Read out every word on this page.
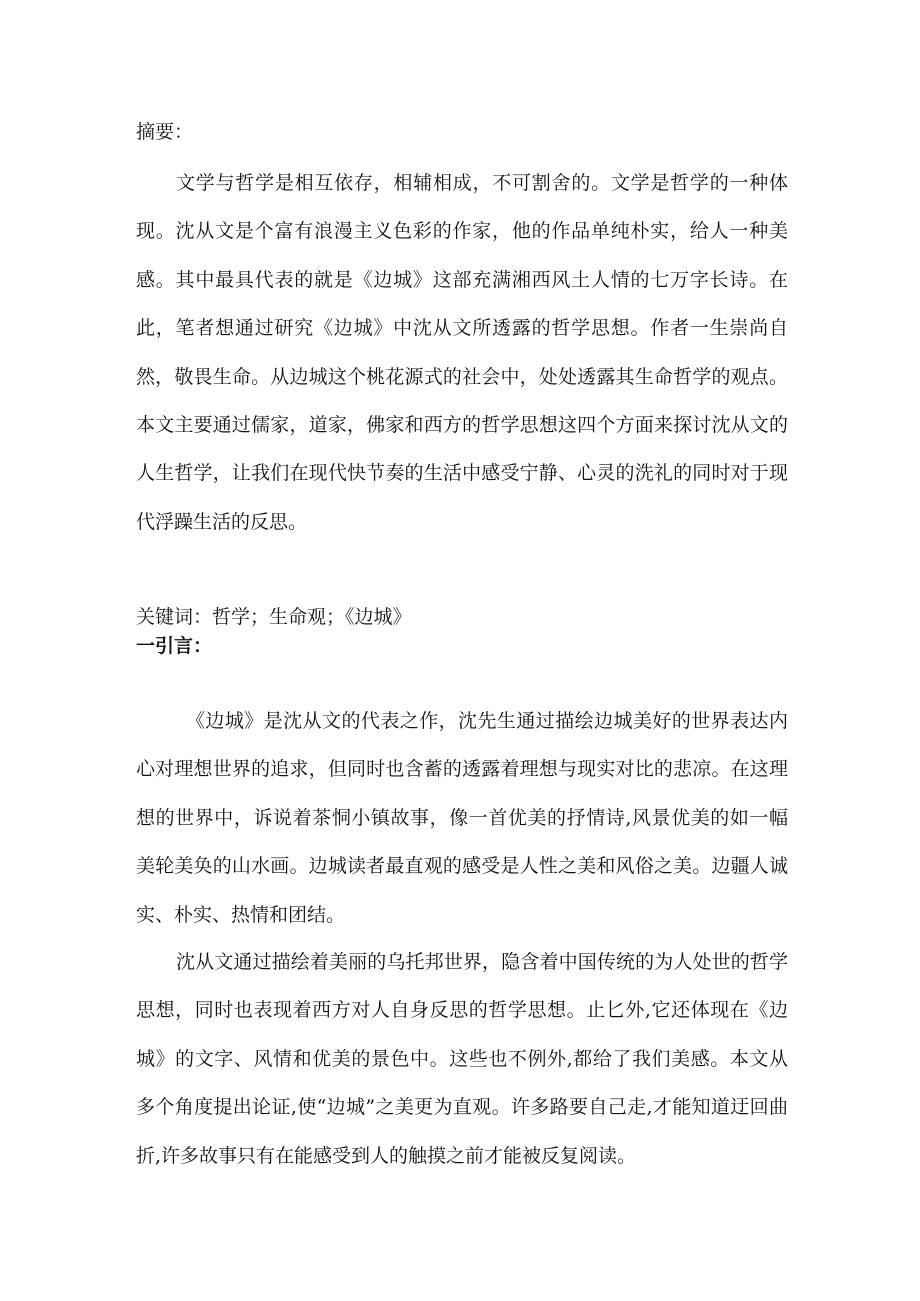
摘要：

文学与哲学是相互依存，相辅相成，不可割舍的。文学是哲学的一种体现。沈从文是个富有浪漫主义色彩的作家，他的作品单纯朴实，给人一种美感。其中最具代表的就是《边城》这部充满湘西风土人情的七万字长诗。在此，笔者想通过研究《边城》中沈从文所透露的哲学思想。作者一生崇尚自然，敬畏生命。从边城这个桃花源式的社会中，处处透露其生命哲学的观点。本文主要通过儒家，道家，佛家和西方的哲学思想这四个方面来探讨沈从文的人生哲学，让我们在现代快节奏的生活中感受宁静、心灵的洗礼的同时对于现代浮躁生活的反思。

关键词：哲学；生命观；《边城》
一引言：

《边城》是沈从文的代表之作，沈先生通过描绘边城美好的世界表达内心对理想世界的追求，但同时也含蓄的透露着理想与现实对比的悲凉。在这理想的世界中，诉说着茶恫小镇故事，像一首优美的抒情诗,风景优美的如一幅美轮美奂的山水画。边城读者最直观的感受是人性之美和风俗之美。边疆人诚实、朴实、热情和团结。

沈从文通过描绘着美丽的乌托邦世界，隐含着中国传统的为人处世的哲学思想，同时也表现着西方对人自身反思的哲学思想。止匕外,它还体现在《边城》的文字、风情和优美的景色中。这些也不例外,都给了我们美感。本文从多个角度提出论证,使“边城”之美更为直观。许多路要自己走,才能知道迂回曲折,许多故事只有在能感受到人的触摸之前才能被反复阅读。
